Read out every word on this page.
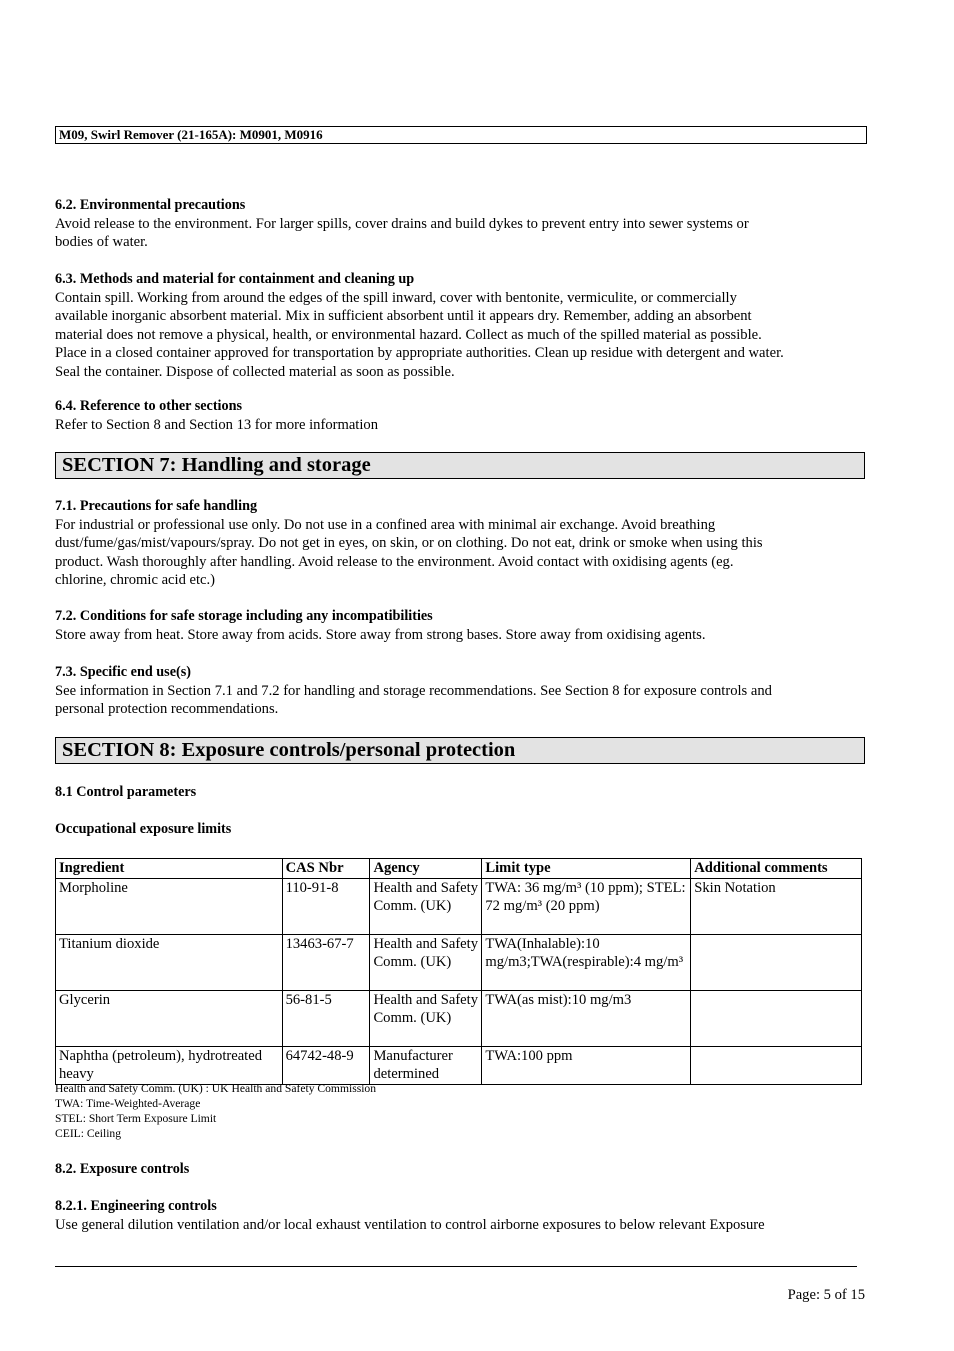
M09, Swirl Remover (21-165A): M0901, M0916
6.2. Environmental precautions
Avoid release to the environment. For larger spills, cover drains and build dykes to prevent entry into sewer systems or
bodies of water.
6.3. Methods and material for containment and cleaning up
Contain spill. Working from around the edges of the spill inward, cover with bentonite, vermiculite, or commercially
available inorganic absorbent material. Mix in sufficient absorbent until it appears dry. Remember, adding an absorbent
material does not remove a physical, health, or environmental hazard. Collect as much of the spilled material as possible.
Place in a closed container approved for transportation by appropriate authorities. Clean up residue with detergent and water.
Seal the container. Dispose of collected material as soon as possible.
6.4. Reference to other sections
Refer to Section 8 and Section 13 for more information
SECTION 7: Handling and storage
7.1. Precautions for safe handling
For industrial or professional use only. Do not use in a confined area with minimal air exchange. Avoid breathing
dust/fume/gas/mist/vapours/spray. Do not get in eyes, on skin, or on clothing. Do not eat, drink or smoke when using this
product. Wash thoroughly after handling. Avoid release to the environment. Avoid contact with oxidising agents (eg.
chlorine, chromic acid etc.)
7.2. Conditions for safe storage including any incompatibilities
Store away from heat. Store away from acids. Store away from strong bases. Store away from oxidising agents.
7.3. Specific end use(s)
See information in Section 7.1 and 7.2 for handling and storage recommendations. See Section 8 for exposure controls and
personal protection recommendations.
SECTION 8: Exposure controls/personal protection
8.1 Control parameters
Occupational exposure limits
Ingredient	CAS Nbr	Agency	Limit type	Additional comments
Morpholine	110-91-8	Health and Safety Comm. (UK)	TWA: 36 mg/m³ (10 ppm); STEL: 72 mg/m³ (20 ppm)	Skin Notation
Titanium dioxide	13463-67-7	Health and Safety Comm. (UK)	TWA(Inhalable):10 mg/m3;TWA(respirable):4 mg/m³	
Glycerin	56-81-5	Health and Safety Comm. (UK)	TWA(as mist):10 mg/m3	
Naphtha (petroleum), hydrotreated heavy	64742-48-9	Manufacturer determined	TWA:100 ppm	
Health and Safety Comm. (UK) : UK Health and Safety Commission
TWA: Time-Weighted-Average
STEL: Short Term Exposure Limit
CEIL: Ceiling
8.2. Exposure controls
8.2.1. Engineering controls
Use general dilution ventilation and/or local exhaust ventilation to control airborne exposures to below relevant Exposure
Page: 5 of 15
